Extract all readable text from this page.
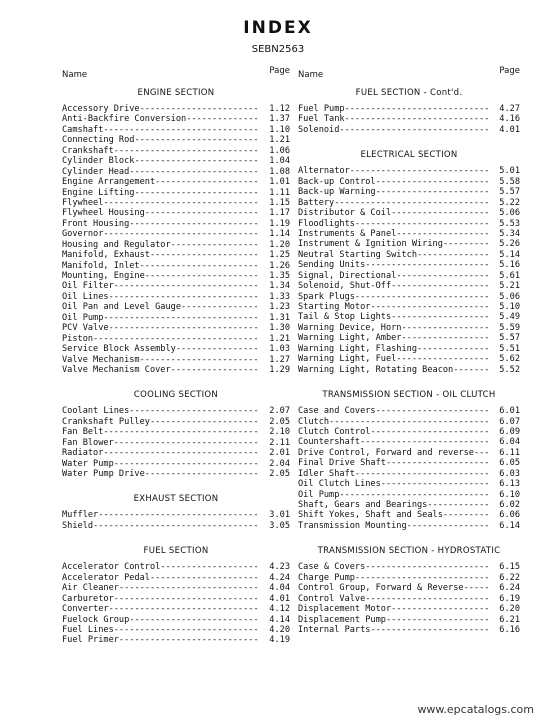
INDEX
SEBN2563
Name	Page
ENGINE SECTION
Accessory Drive -----	1.12
Anti-Backfire Conversion -----	1.37
Camshaft -----	1.10
Connecting Rod -----	1.21
Crankshaft -----	1.06
Cylinder Block -----	1.04
Cylinder Head -----	1.08
Engine Arrangement -----	1.01
Engine Lifting -----	1.11
Flywheel -----	1.15
Flywheel Housing -----	1.17
Front Housing -----	1.19
Governor -----	1.14
Housing and Regulator -----	1.20
Manifold, Exhaust -----	1.25
Manifold, Inlet -----	1.26
Mounting, Engine -----	1.35
Oil Filter -----	1.34
Oil Lines -----	1.33
Oil Pan and Level Gauge -----	1.23
Oil Pump -----	1.31
PCV Valve -----	1.30
Piston -----	1.21
Service Block Assembly -----	1.03
Valve Mechanism -----	1.27
Valve Mechanism Cover -----	1.29
COOLING SECTION
Coolant Lines -----	2.07
Crankshaft Pulley -----	2.05
Fan Belt -----	2.10
Fan Blower -----	2.11
Radiator -----	2.01
Water Pump -----	2.04
Water Pump Drive -----	2.05
EXHAUST SECTION
Muffler -----	3.01
Shield -----	3.05
FUEL SECTION
Accelerator Control -----	4.23
Accelerator Pedal -----	4.24
Air Cleaner -----	4.04
Carburetor -----	4.01
Converter -----	4.12
Fuelock Group -----	4.14
Fuel Lines -----	4.20
Fuel Primer -----	4.19
Name	Page
FUEL SECTION - Cont'd.
Fuel Pump -----	4.27
Fuel Tank -----	4.16
Solenoid -----	4.01
ELECTRICAL SECTION
Alternator -----	5.01
Back-up Control -----	5.58
Back-up Warning -----	5.57
Battery -----	5.22
Distributor & Coil -----	5.06
Floodlights -----	5.53
Instruments & Panel -----	5.34
Instrument & Ignition Wiring -----	5.26
Neutral Starting Switch -----	5.14
Sending Units -----	5.16
Signal, Directional -----	5.61
Solenoid, Shut-Off -----	5.21
Spark Plugs -----	5.06
Starting Motor -----	5.10
Tail & Stop Lights -----	5.49
Warning Device, Horn -----	5.59
Warning Light, Amber -----	5.57
Warning Light, Flashing -----	5.51
Warning Light, Fuel -----	5.62
Warning Light, Rotating Beacon -----	5.52
TRANSMISSION SECTION - OIL CLUTCH
Case and Covers -----	6.01
Clutch -----	6.07
Clutch Control -----	6.09
Countershaft -----	6.04
Drive Control, Forward and reverse -----	6.11
Final Drive Shaft -----	6.05
Idler Shaft -----	6.03
Oil Clutch Lines -----	6.13
Oil Pump -----	6.10
Shaft, Gears and Bearings -----	6.02
Shift Yokes, Shaft and Seals -----	6.06
Transmission Mounting -----	6.14
TRANSMISSION SECTION - HYDROSTATIC
Case & Covers -----	6.15
Charge Pump -----	6.22
Control Group, Forward & Reverse -----	6.24
Control Valve -----	6.19
Displacement Motor -----	6.20
Displacement Pump -----	6.21
Internal Parts -----	6.16
www.epcatalogs.com
